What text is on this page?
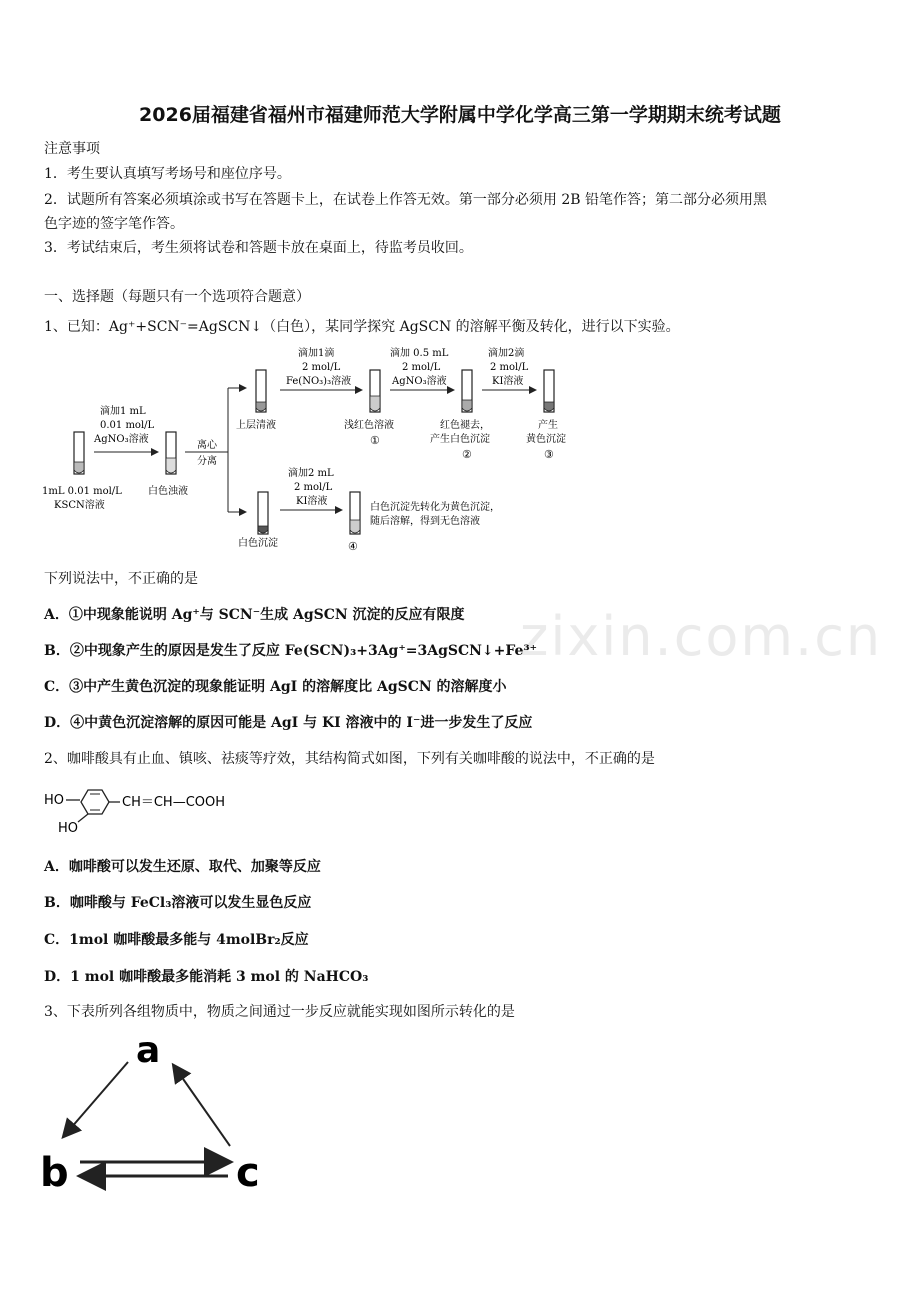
zixin.com.cn
2026届福建省福州市福建师范大学附属中学化学高三第一学期期末统考试题
注意事项
1．考生要认真填写考场号和座位序号。
2．试题所有答案必须填涂或书写在答题卡上，在试卷上作答无效。第一部分必须用 2B 铅笔作答；第二部分必须用黑
色字迹的签字笔作答。
3．考试结束后，考生须将试卷和答题卡放在桌面上，待监考员收回。
一、选择题（每题只有一个选项符合题意）
1、已知：Ag⁺+SCN⁻=AgSCN↓（白色），某同学探究 AgSCN 的溶解平衡及转化，进行以下实验。
1mL 0.01 mol/L
KSCN溶液
滴加1 mL
0.01 mol/L
AgNO₃溶液
白色浊液
离心
分离
上层清液
滴加1滴
2 mol/L
Fe(NO₃)₃溶液
浅红色溶液
①
滴加 0.5 mL
2 mol/L
AgNO₃溶液
红色褪去，
产生白色沉淀
②
滴加2滴
2 mol/L
KI溶液
产生
黄色沉淀
③
白色沉淀
滴加2 mL
2 mol/L
KI溶液
白色沉淀先转化为黄色沉淀，
随后溶解，得到无色溶液
④
下列说法中，不正确的是
A．①中现象能说明 Ag⁺与 SCN⁻生成 AgSCN 沉淀的反应有限度
B．②中现象产生的原因是发生了反应 Fe(SCN)₃+3Ag⁺=3AgSCN↓+Fe³⁺
C．③中产生黄色沉淀的现象能证明 AgI 的溶解度比 AgSCN 的溶解度小
D．④中黄色沉淀溶解的原因可能是 AgI 与 KI 溶液中的 I⁻进一步发生了反应
2、咖啡酸具有止血、镇咳、祛痰等疗效，其结构简式如图，下列有关咖啡酸的说法中，不正确的是
HO
HO
CH＝CH—COOH
A．咖啡酸可以发生还原、取代、加聚等反应
B．咖啡酸与 FeCl₃溶液可以发生显色反应
C．1mol 咖啡酸最多能与 4molBr₂反应
D．1 mol 咖啡酸最多能消耗 3 mol 的 NaHCO₃
3、下表所列各组物质中，物质之间通过一步反应就能实现如图所示转化的是
a
b	c
